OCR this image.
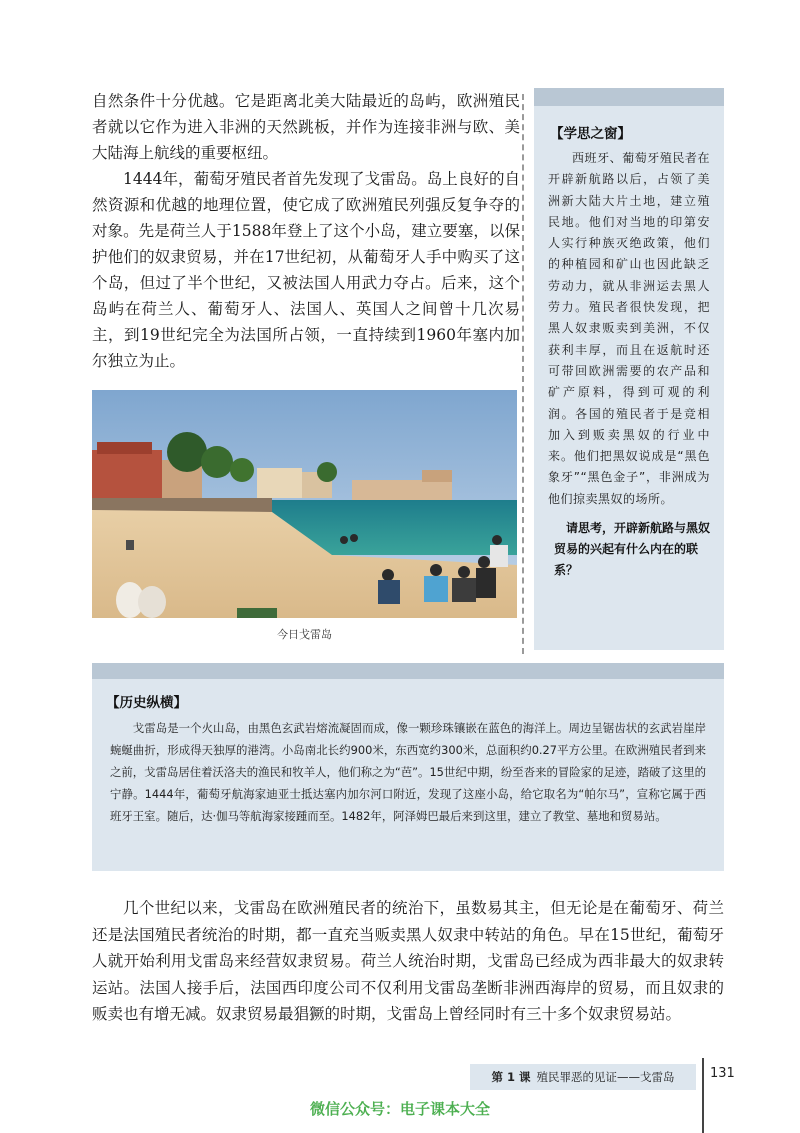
自然条件十分优越。它是距离北美大陆最近的岛屿，欧洲殖民者就以它作为进入非洲的天然跳板，并作为连接非洲与欧、美大陆海上航线的重要枢纽。

1444年，葡萄牙殖民者首先发现了戈雷岛。岛上良好的自然资源和优越的地理位置，使它成了欧洲殖民列强反复争夺的对象。先是荷兰人于1588年登上了这个小岛，建立要塞，以保护他们的奴隶贸易，并在17世纪初，从葡萄牙人手中购买了这个岛，但过了半个世纪，又被法国人用武力夺占。后来，这个岛屿在荷兰人、葡萄牙人、法国人、英国人之间曾十几次易主，到19世纪完全为法国所占领，一直持续到1960年塞内加尔独立为止。

【学思之窗】
西班牙、葡萄牙殖民者在开辟新航路以后，占领了美洲新大陆大片土地，建立殖民地。他们对当地的印第安人实行种族灭绝政策，他们的种植园和矿山也因此缺乏劳动力，就从非洲运去黑人劳力。殖民者很快发现，把黑人奴隶贩卖到美洲，不仅获利丰厚，而且在返航时还可带回欧洲需要的农产品和矿产原料，得到可观的利润。各国的殖民者于是竞相加入到贩卖黑奴的行业中来。他们把黑奴说成是“黑色象牙”“黑色金子”，非洲成为他们掠卖黑奴的场所。
请思考，开辟新航路与黑奴贸易的兴起有什么内在的联系？
今日戈雷岛
【历史纵横】
戈雷岛是一个火山岛，由黑色玄武岩熔流凝固而成，像一颗珍珠镶嵌在蓝色的海洋上。周边呈锯齿状的玄武岩崖岸蜿蜒曲折，形成得天独厚的港湾。小岛南北长约900米，东西宽约300米，总面积约0.27平方公里。在欧洲殖民者到来之前，戈雷岛居住着沃洛夫的渔民和牧羊人，他们称之为“芭”。15世纪中期，纷至沓来的冒险家的足迹，踏破了这里的宁静。1444年，葡萄牙航海家迪亚士抵达塞内加尔河口附近，发现了这座小岛，给它取名为“帕尔马”，宣称它属于西班牙王室。随后，达·伽马等航海家接踵而至。1482年，阿泽姆巴最后来到这里，建立了教堂、墓地和贸易站。

几个世纪以来，戈雷岛在欧洲殖民者的统治下，虽数易其主，但无论是在葡萄牙、荷兰还是法国殖民者统治的时期，都一直充当贩卖黑人奴隶中转站的角色。早在15世纪，葡萄牙人就开始利用戈雷岛来经营奴隶贸易。荷兰人统治时期，戈雷岛已经成为西非最大的奴隶转运站。法国人接手后，法国西印度公司不仅利用戈雷岛垄断非洲西海岸的贸易，而且奴隶的贩卖也有增无减。奴隶贸易最猖獗的时期，戈雷岛上曾经同时有三十多个奴隶贸易站。

第 1 课 殖民罪恶的见证——戈雷岛	131
微信公众号：电子课本大全
